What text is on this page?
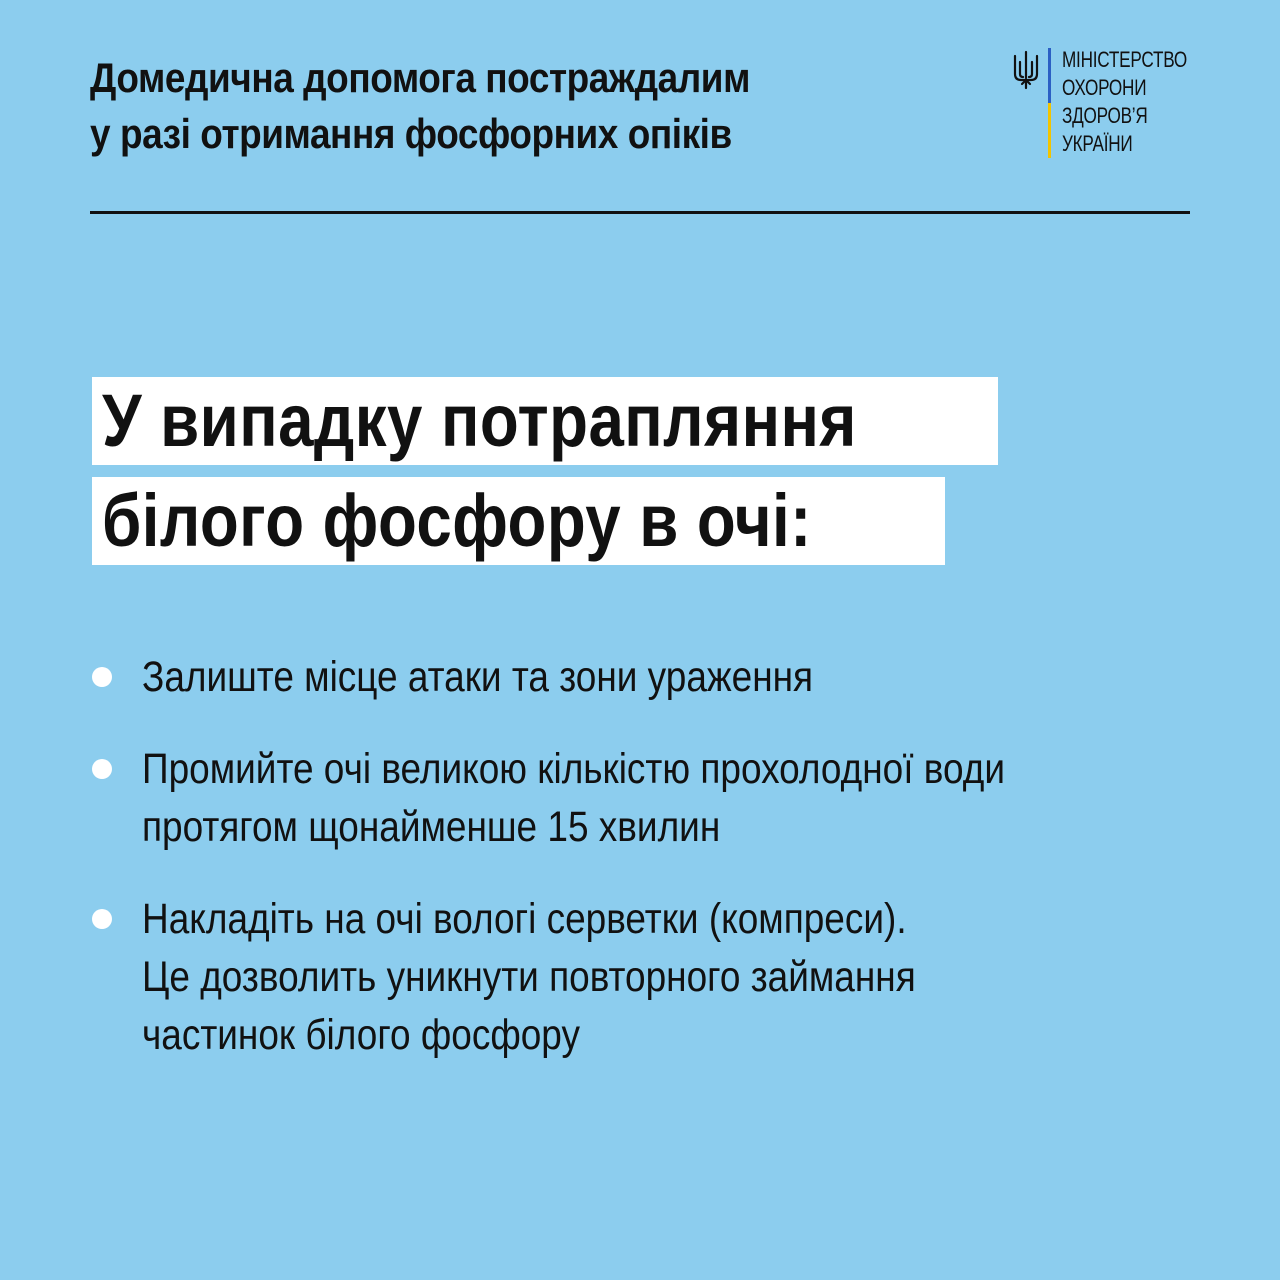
Домедична допомога постраждалим
у разі отримання фосфорних опіків
МІНІСТЕРСТВО
ОХОРОНИ
ЗДОРОВ’Я
УКРАЇНИ
У випадку потрапляння
білого фосфору в очі:
Залиште місце атаки та зони ураження
Промийте очі великою кількістю прохолодної води
протягом щонайменше 15 хвилин
Накладіть на очі вологі серветки (компреси).
Це дозволить уникнути повторного займання
частинок білого фосфору
